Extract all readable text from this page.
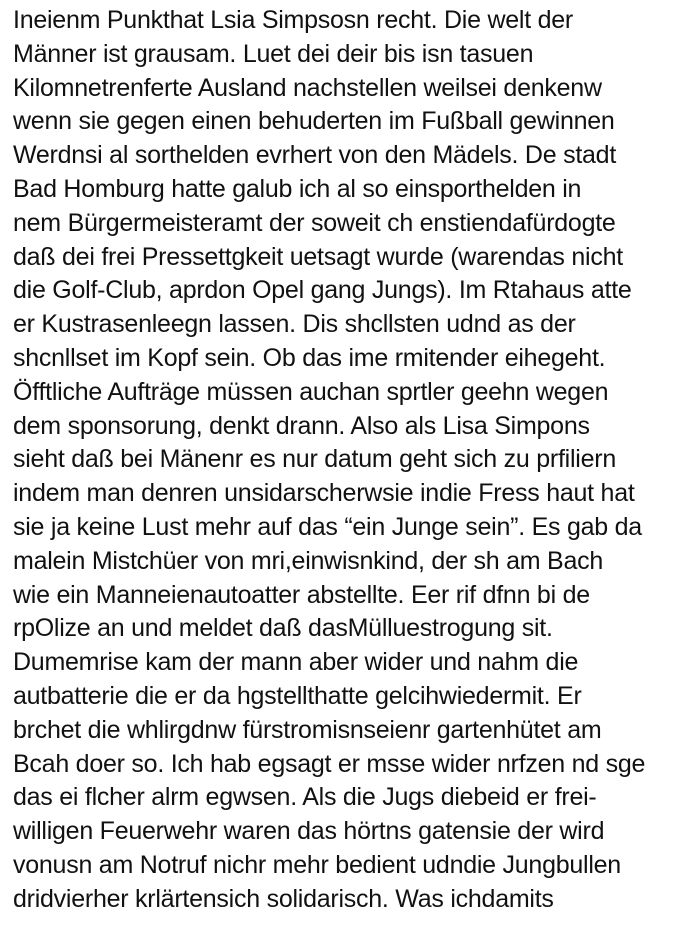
Ineienm Punkthat Lsia Simpsosn recht. Die welt der
Männer ist grausam. Luet dei deir bis isn tasuen
Kilomnetrenferte Ausland nachstellen weilsei denkenw
wenn sie gegen einen behuderten im Fußball gewinnen
Werdnsi al sorthelden evrhert von den Mädels. De stadt
Bad Homburg hatte galub ich al so einsporthelden in
nem Bürgermeisteramt der soweit ch enstiendafürdogte
daß dei frei Pressettgkeit uetsagt wurde (warendas nicht
die Golf-Club, aprdon Opel gang Jungs). Im Rtahaus atte
er Kustrasenleegn lassen. Dis shcllsten udnd as der
shcnllset im Kopf sein. Ob das ime rmitender eihegeht.
Öfftliche Aufträge müssen auchan sprtler geehn wegen
dem sponsorung, denkt drann. Also als Lisa Simpons
sieht daß bei Mänenr es nur datum geht sich zu prfiliern
indem man denren unsidarscherwsie indie Fress haut hat
sie ja keine Lust mehr auf das “ein Junge sein”. Es gab da
malein Mistchüer von mri,einwisnkind, der sh am Bach
wie ein Manneienautoatter abstellte. Eer rif dfnn bi de
rpOlize an und meldet daß dasMülluestrogung sit.
Dumemrise kam der mann aber wider und nahm die
autbatterie die er da hgstellthatte gelcihwiedermit. Er
brchet die whlirgdnw fürstromisnseienr gartenhütet am
Bcah doer so. Ich hab egsagt er msse wider nrfzen nd sge
das ei flcher alrm egwsen. Als die Jugs diebeid er frei-
willigen Feuerwehr waren das hörtns gatensie der wird
vonusn am Notruf nichr mehr bedient udndie Jungbullen
dridvierher krlärtensich solidarisch. Was ichdamits
